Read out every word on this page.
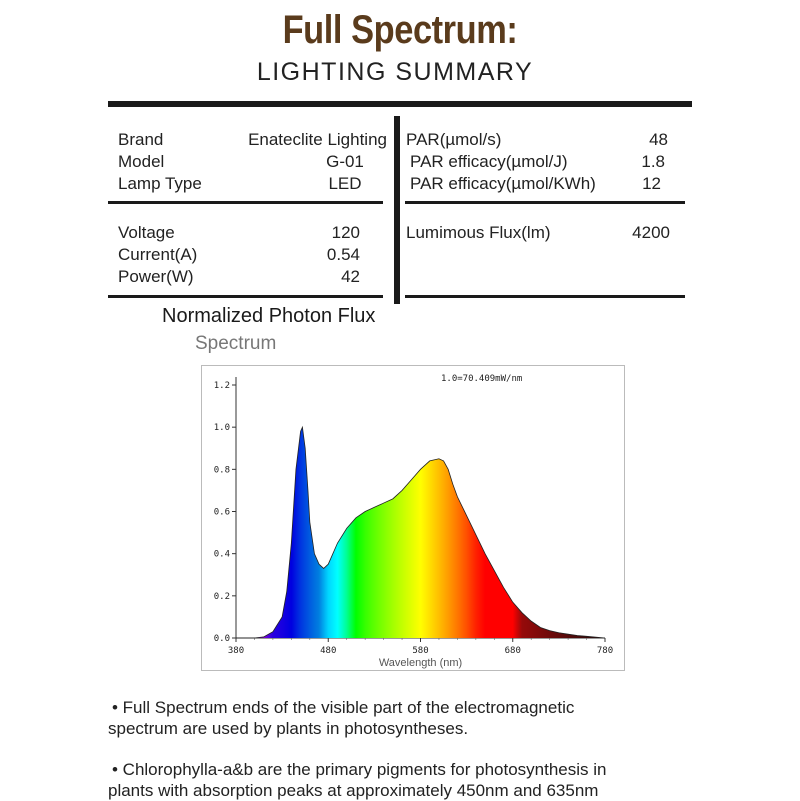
Full Spectrum:
LIGHTING SUMMARY
Brand	Enateclite Lighting
Model	G-01
Lamp Type	LED
Voltage	120
Current(A)	0.54
Power(W)	42
PAR(µmol/s)	48
PAR efficacy(µmol/J)	1.8
PAR efficacy(µmol/KWh)	12
Lumimous Flux(lm)	4200
Normalized Photon Flux
Spectrum
0.0
0.2
0.4
0.6
0.8
1.0
1.2
380	480	580	680	780
1.0=70.409mW/nm
Wavelength (nm)
• Full Spectrum ends of the visible part of the electromagnetic
spectrum are used by plants in photosyntheses.
• Chlorophylla-a&b are the primary pigments for photosynthesis in
plants with absorption peaks at approximately 450nm and 635nm
